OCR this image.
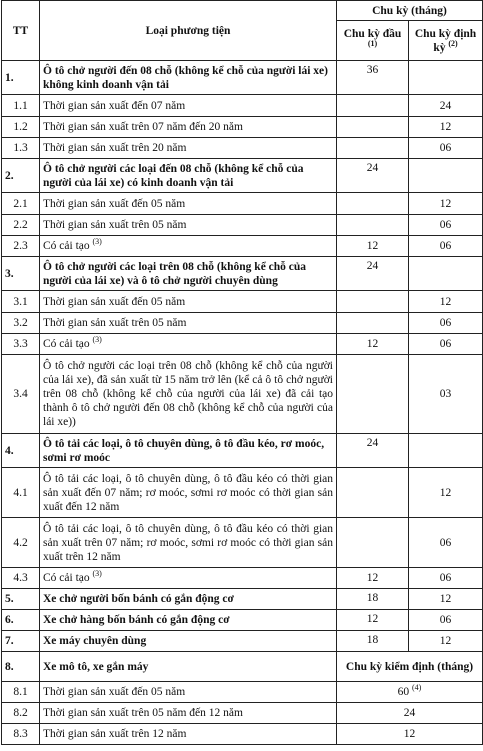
TT	Loại phương tiện	Chu kỳ (tháng)	
		Chu kỳ đầu $^{(1)}$	Chu kỳ định kỳ $^{(2)}$
1.	Ô tô chở người đến 08 chỗ (không kể chỗ của người lái xe) không kinh doanh vận tải	36	
1.1	Thời gian sản xuất đến 07 năm		24
1.2	Thời gian sản xuất trên 07 năm đến 20 năm		12
1.3	Thời gian sản xuất trên 20 năm		06
2.	Ô tô chở người các loại đến 08 chỗ (không kể chỗ của người của lái xe) có kinh doanh vận tải	24	
2.1	Thời gian sản xuất đến 05 năm		12
2.2	Thời gian sản xuất trên 05 năm		06
2.3	Có cải tạo $^{(3)}$	12	06
3.	Ô tô chở người các loại trên 08 chỗ (không kể chỗ của người của lái xe) và ô tô chở người chuyên dùng	24	
3.1	Thời gian sản xuất đến 05 năm		12
3.2	Thời gian sản xuất trên 05 năm		06
3.3	Có cải tạo $^{(3)}$	12	06
3.4	Ô tô chở người các loại trên 08 chỗ (không kể chỗ của người của lái xe), đã sản xuất từ 15 năm trở lên (kể cả ô tô chở người trên 08 chỗ (không kể chỗ của người của lái xe) đã cải tạo thành ô tô chở người đến 08 chỗ (không kể chỗ của người của lái xe))		03
4.	Ô tô tải các loại, ô tô chuyên dùng, ô tô đầu kéo, rơ moóc, sơmi rơ moóc	24	
4.1	Ô tô tải các loại, ô tô chuyên dùng, ô tô đầu kéo có thời gian sản xuất đến 07 năm; rơ moóc, sơmi rơ moóc có thời gian sản xuất đến 12 năm		12
4.2	Ô tô tải các loại, ô tô chuyên dùng, ô tô đầu kéo có thời gian sản xuất trên 07 năm; rơ moóc, sơmi rơ moóc có thời gian sản xuất trên 12 năm		06
4.3	Có cải tạo $^{(3)}$	12	06
5.	Xe chở người bốn bánh có gắn động cơ	18	12
6.	Xe chở hàng bốn bánh có gắn động cơ	12	06
7.	Xe máy chuyên dùng	18	12
8.	Xe mô tô, xe gắn máy	Chu kỳ kiểm định (tháng)	
8.1	Thời gian sản xuất đến 05 năm	60 $^{(4)}$
8.2	Thời gian sản xuất trên 05 năm đến 12 năm	24	
8.3	Thời gian sản xuất trên 12 năm	12	
